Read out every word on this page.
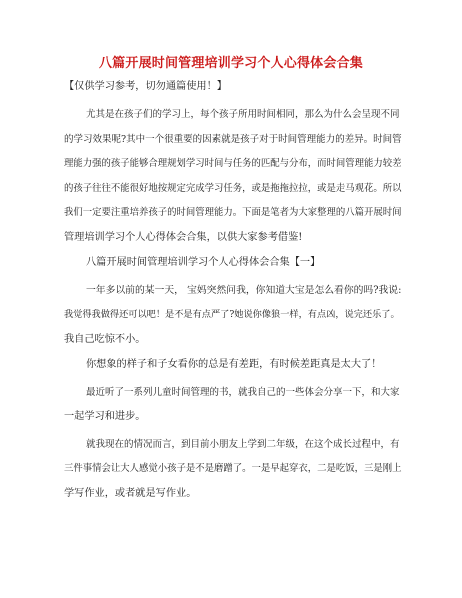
八篇开展时间管理培训学习个人心得体会合集
【仅供学习参考，切勿通篇使用！】
尤其是在孩子们的学习上，每个孩子所用时间相同，那么为什么会呈现不同
的学习效果呢?其中一个很重要的因素就是孩子对于时间管理能力的差异。时间管
理能力强的孩子能够合理规划学习时间与任务的匹配与分布，而时间管理能力较差
的孩子往往不能很好地按规定完成学习任务，或是拖拖拉拉，或是走马观花。所以
我们一定要注重培养孩子的时间管理能力。下面是笔者为大家整理的八篇开展时间
管理培训学习个人心得体会合集，以供大家参考借鉴!
八篇开展时间管理培训学习个人心得体会合集【一】
一年多以前的某一天， 宝妈突然问我，你知道大宝是怎么看你的吗?我说:
我觉得我做得还可以吧！是不是有点严了?她说你像狼一样，有点凶，说完还乐了。
我自己吃惊不小。
你想象的样子和子女看你的总是有差距，有时候差距真是太大了！
最近听了一系列儿童时间管理的书，就我自己的一些体会分享一下，和大家
一起学习和进步。
就我现在的情况而言，到目前小朋友上学到二年级，在这个成长过程中，有
三件事情会让大人感觉小孩子是不是磨蹭了。一是早起穿衣，二是吃饭，三是刚上
学写作业，或者就是写作业。
